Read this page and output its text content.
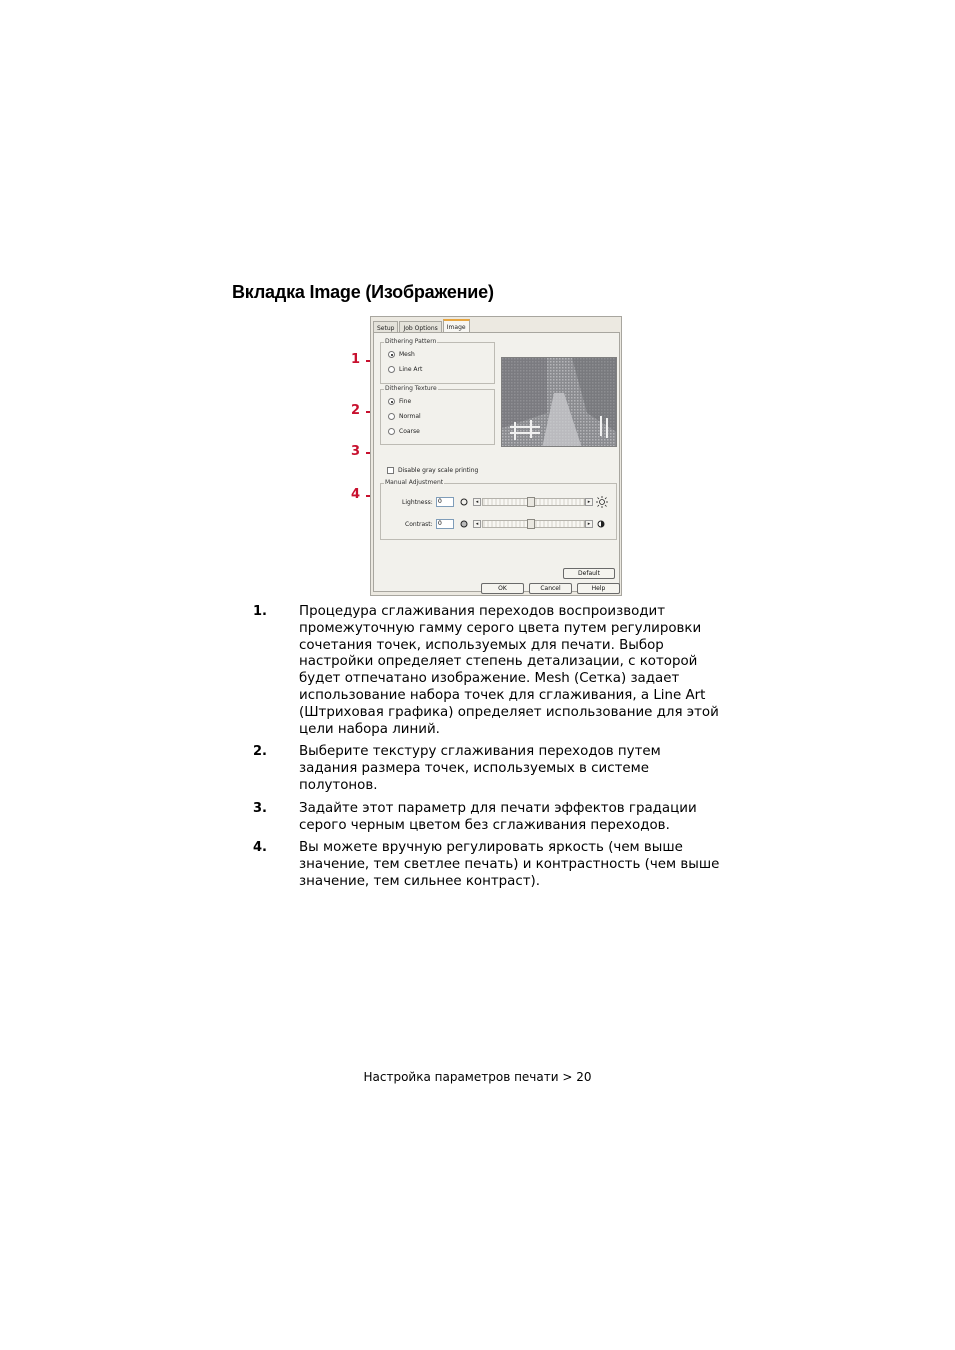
Вкладка Image (Изображение)
1
2
3
4
Setup	Job Options	Image
Dithering Pattern
Mesh
Line Art
Dithering Texture
Fine
Normal
Coarse
Disable gray scale printing
Manual Adjustment
Lightness: 0	◂	▸
Contrast: 0	◂	▸
Default
OK	Cancel	Help
1.	Процедура сглаживания переходов воспроизводит промежуточную гамму серого цвета путем регулировки сочетания точек, используемых для печати. Выбор настройки определяет степень детализации, с которой будет отпечатано изображение. Mesh (Сетка) задает использование набора точек для сглаживания, а Line Art (Штриховая графика) определяет использование для этой цели набора линий.
2.	Выберите текстуру сглаживания переходов путем задания размера точек, используемых в системе полутонов.
3.	Задайте этот параметр для печати эффектов градации серого черным цветом без сглаживания переходов.
4.	Вы можете вручную регулировать яркость (чем выше значение, тем светлее печать) и контрастность (чем выше значение, тем сильнее контраст).
Настройка параметров печати > 20
